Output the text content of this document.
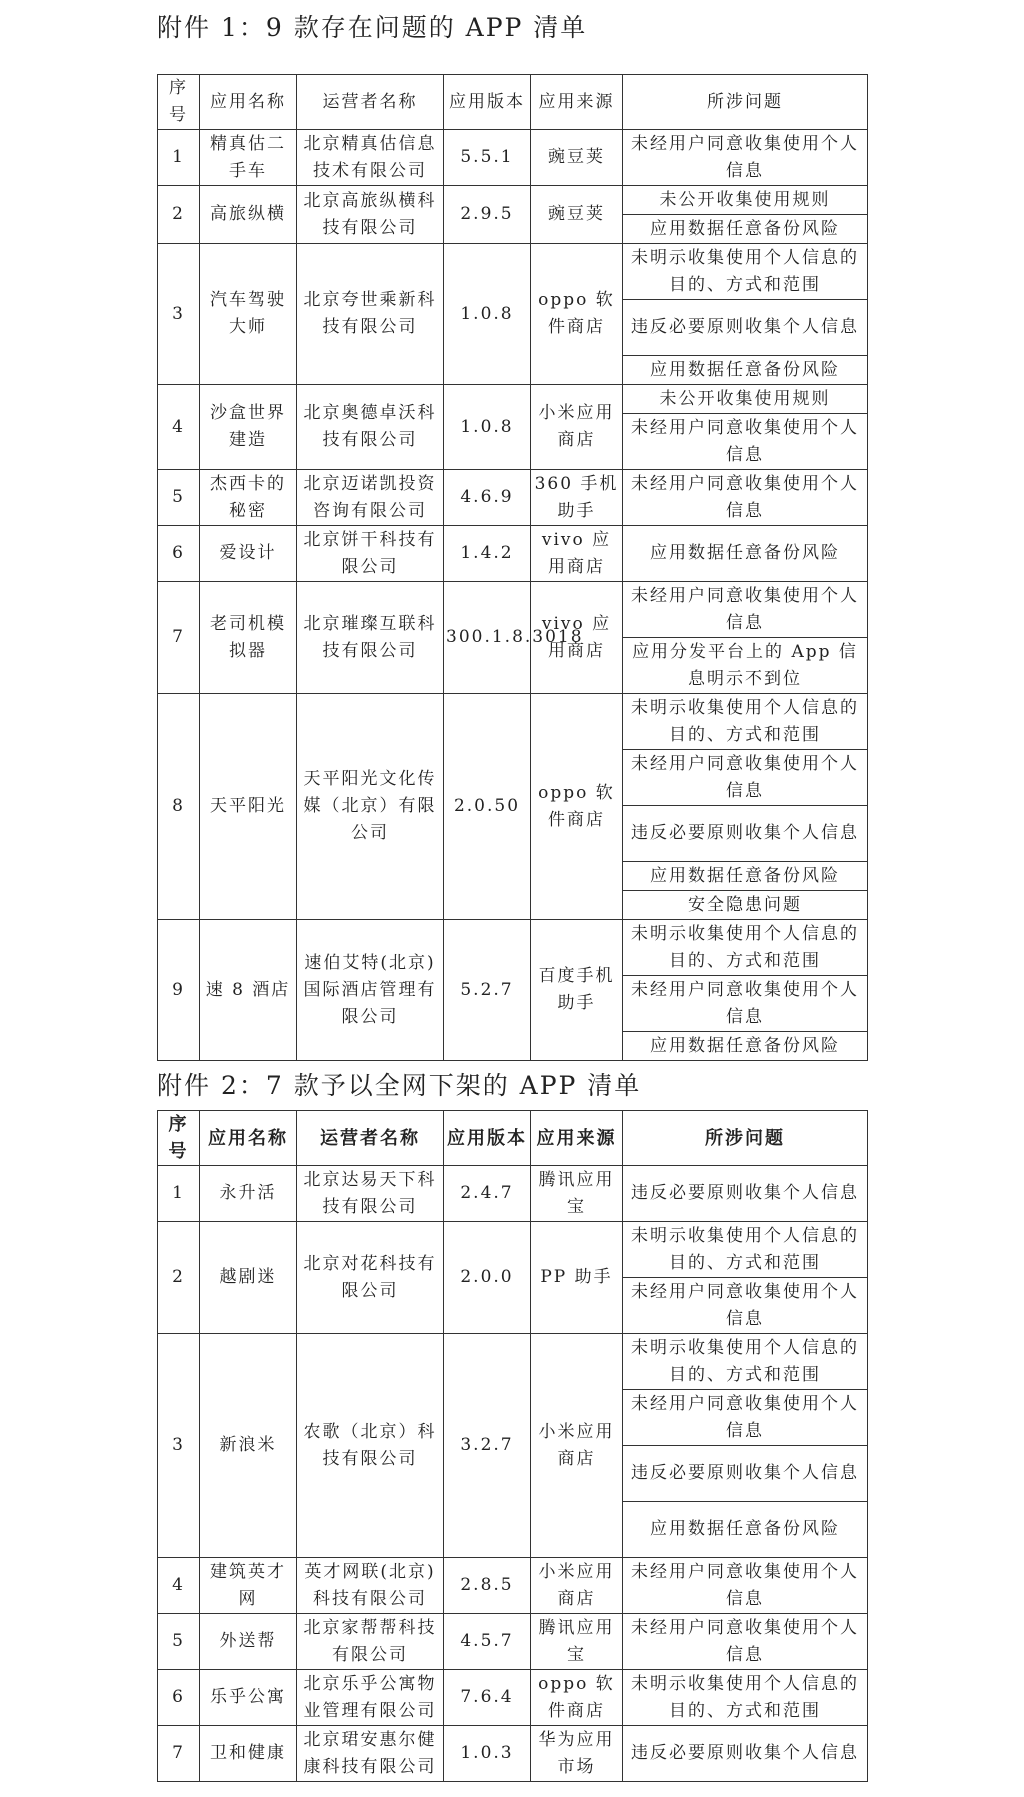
附件 1：9 款存在问题的 APP 清单
序号	应用名称	运营者名称	应用版本	应用来源	所涉问题
1	精真估二手车	北京精真估信息技术有限公司	5.5.1	豌豆荚	未经用户同意收集使用个人信息
2	高旅纵横	北京高旅纵横科技有限公司	2.9.5	豌豆荚	未公开收集使用规则
					应用数据任意备份风险
3	汽车驾驶大师	北京夸世乘新科技有限公司	1.0.8	oppo 软件商店	未明示收集使用个人信息的目的、方式和范围
					违反必要原则收集个人信息
					应用数据任意备份风险
4	沙盒世界建造	北京奥德卓沃科技有限公司	1.0.8	小米应用商店	未公开收集使用规则
					未经用户同意收集使用个人信息
5	杰西卡的秘密	北京迈诺凯投资咨询有限公司	4.6.9	360 手机助手	未经用户同意收集使用个人信息
6	爱设计	北京饼干科技有限公司	1.4.2	vivo 应用商店	应用数据任意备份风险
7	老司机模拟器	北京璀璨互联科技有限公司	300.1.8.3018	vivo 应用商店	未经用户同意收集使用个人信息
					应用分发平台上的 App 信息明示不到位
8	天平阳光	天平阳光文化传媒（北京）有限公司	2.0.50	oppo 软件商店	未明示收集使用个人信息的目的、方式和范围
					未经用户同意收集使用个人信息
					违反必要原则收集个人信息
					应用数据任意备份风险
					安全隐患问题
9	速 8 酒店	速伯艾特(北京)国际酒店管理有限公司	5.2.7	百度手机助手	未明示收集使用个人信息的目的、方式和范围
					未经用户同意收集使用个人信息
					应用数据任意备份风险
附件 2：7 款予以全网下架的 APP 清单
序号	应用名称	运营者名称	应用版本	应用来源	所涉问题
1	永升活	北京达易天下科技有限公司	2.4.7	腾讯应用宝	违反必要原则收集个人信息
2	越剧迷	北京对花科技有限公司	2.0.0	PP 助手	未明示收集使用个人信息的目的、方式和范围
					未经用户同意收集使用个人信息
3	新浪米	农歌（北京）科技有限公司	3.2.7	小米应用商店	未明示收集使用个人信息的目的、方式和范围
					未经用户同意收集使用个人信息
					违反必要原则收集个人信息
					应用数据任意备份风险
4	建筑英才网	英才网联(北京)科技有限公司	2.8.5	小米应用商店	未经用户同意收集使用个人信息
5	外送帮	北京家帮帮科技有限公司	4.5.7	腾讯应用宝	未经用户同意收集使用个人信息
6	乐乎公寓	北京乐乎公寓物业管理有限公司	7.6.4	oppo 软件商店	未明示收集使用个人信息的目的、方式和范围
7	卫和健康	北京珺安惠尔健康科技有限公司	1.0.3	华为应用市场	违反必要原则收集个人信息
